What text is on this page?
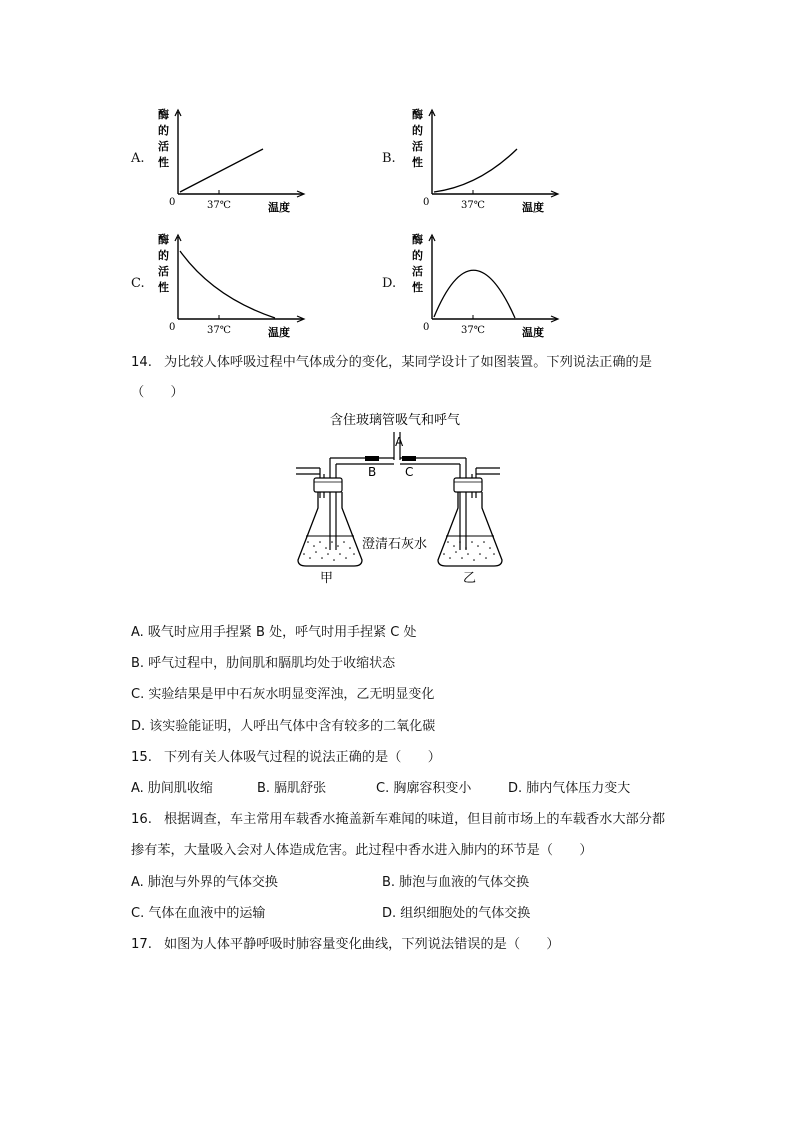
A.	B.
C.	D.
酶
的
活
性
0	37℃	温度
酶
的
活
性
0	37℃	温度
酶
的
活
性
0	37℃	温度
酶
的
活
性
0	37℃	温度
14. 为比较人体呼吸过程中气体成分的变化，某同学设计了如图装置。下列说法正确的是
（　　）
含住玻璃管吸气和呼气
A
B C
澄清石灰水
甲	乙
A. 吸气时应用手捏紧 B 处，呼气时用手捏紧 C 处
B. 呼气过程中，肋间肌和膈肌均处于收缩状态
C. 实验结果是甲中石灰水明显变浑浊，乙无明显变化
D. 该实验能证明，人呼出气体中含有较多的二氧化碳
15. 下列有关人体吸气过程的说法正确的是（　　）
A. 肋间肌收缩	B. 膈肌舒张	C. 胸廓容积变小	D. 肺内气体压力变大
16. 根据调查，车主常用车载香水掩盖新车难闻的味道，但目前市场上的车载香水大部分都
掺有苯，大量吸入会对人体造成危害。此过程中香水进入肺内的环节是（　　）
A. 肺泡与外界的气体交换	B. 肺泡与血液的气体交换
C. 气体在血液中的运输	D. 组织细胞处的气体交换
17. 如图为人体平静呼吸时肺容量变化曲线，下列说法错误的是（　　）
